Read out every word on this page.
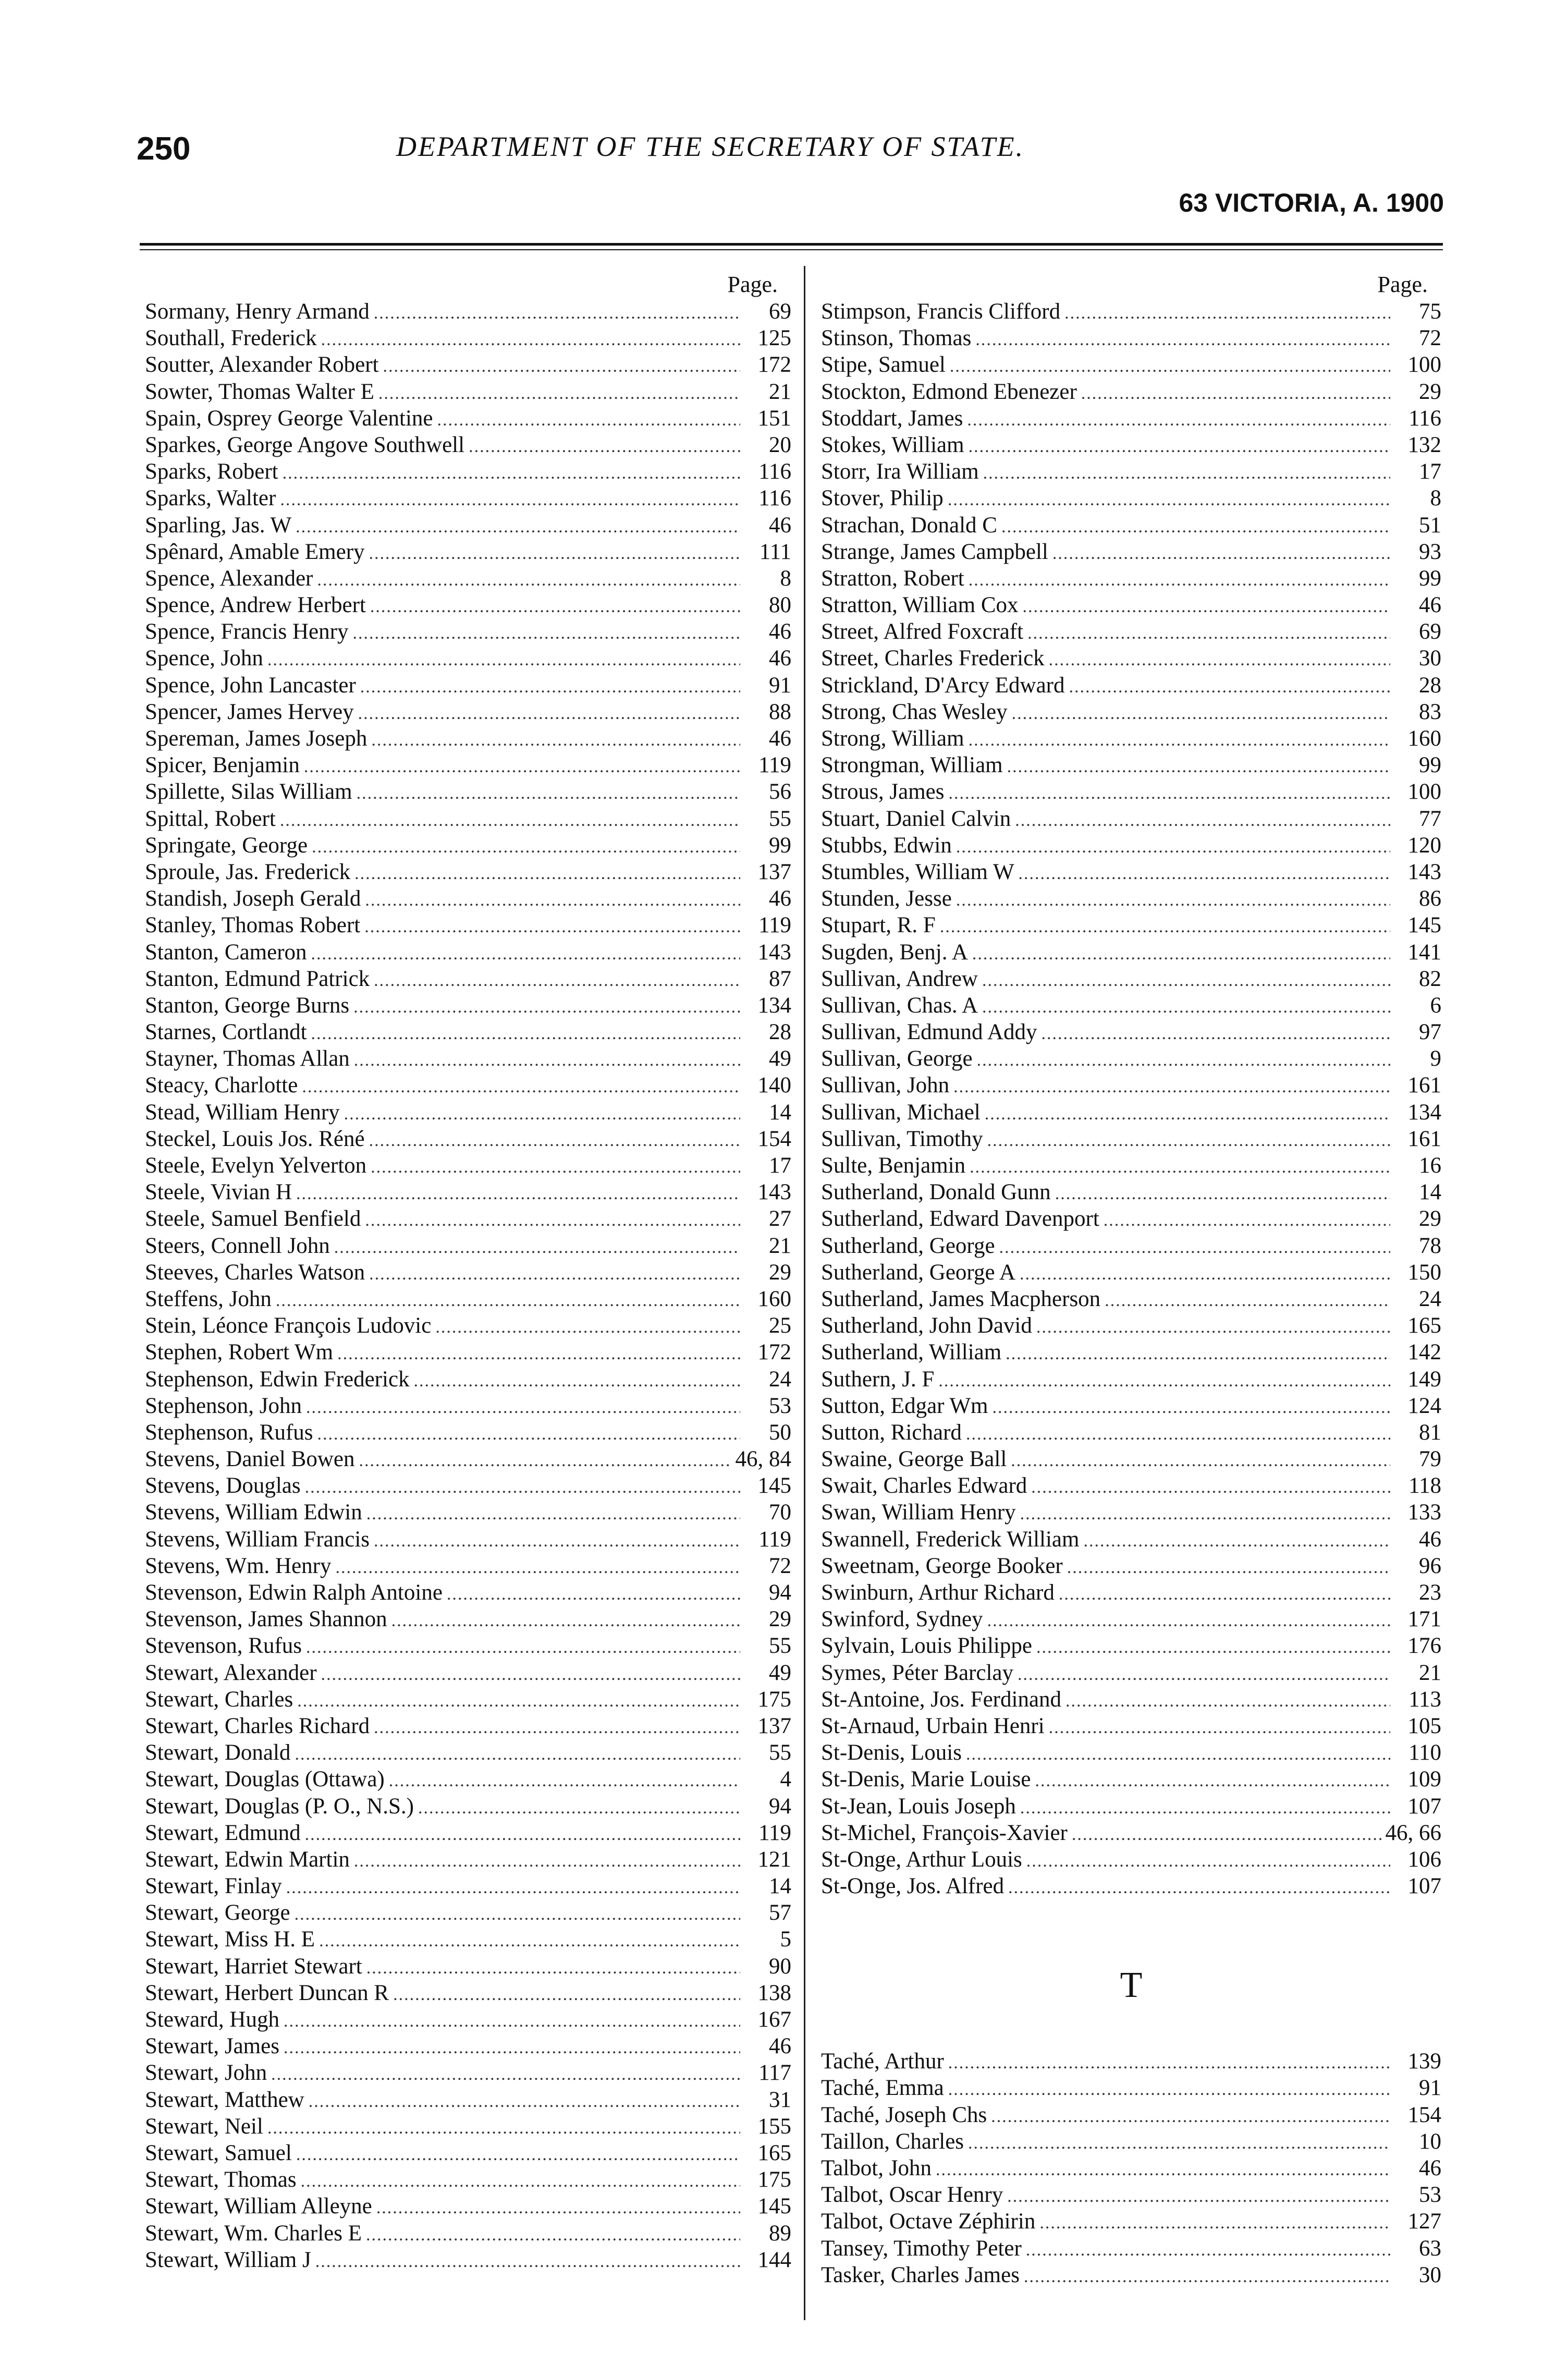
250	DEPARTMENT OF THE SECRETARY OF STATE.
63 VICTORIA, A. 1900
Page.
Sormany, Henry Armand .....	69
Southall, Frederick .....	125
Soutter, Alexander Robert .....	172
Sowter, Thomas Walter E .....	21
Spain, Osprey George Valentine .....	151
Sparkes, George Angove Southwell .....	20
Sparks, Robert .....	116
Sparks, Walter .....	116
Sparling, Jas. W .....	46
Spênard, Amable Emery .....	111
Spence, Alexander .....	8
Spence, Andrew Herbert .....	80
Spence, Francis Henry .....	46
Spence, John .....	46
Spence, John Lancaster .....	91
Spencer, James Hervey .....	88
Spereman, James Joseph .....	46
Spicer, Benjamin .....	119
Spillette, Silas William .....	56
Spittal, Robert .....	55
Springate, George .....	99
Sproule, Jas. Frederick .....	137
Standish, Joseph Gerald .....	46
Stanley, Thomas Robert .....	119
Stanton, Cameron .....	143
Stanton, Edmund Patrick .....	87
Stanton, George Burns .....	134
Starnes, Cortlandt .....	28
Stayner, Thomas Allan .....	49
Steacy, Charlotte .....	140
Stead, William Henry .....	14
Steckel, Louis Jos. Réné .....	154
Steele, Evelyn Yelverton .....	17
Steele, Vivian H .....	143
Steele, Samuel Benfield .....	27
Steers, Connell John .....	21
Steeves, Charles Watson .....	29
Steffens, John .....	160
Stein, Léonce François Ludovic .....	25
Stephen, Robert Wm .....	172
Stephenson, Edwin Frederick .....	24
Stephenson, John .....	53
Stephenson, Rufus .....	50
Stevens, Daniel Bowen .....	46, 84
Stevens, Douglas .....	145
Stevens, William Edwin .....	70
Stevens, William Francis .....	119
Stevens, Wm. Henry .....	72
Stevenson, Edwin Ralph Antoine .....	94
Stevenson, James Shannon .....	29
Stevenson, Rufus .....	55
Stewart, Alexander .....	49
Stewart, Charles .....	175
Stewart, Charles Richard .....	137
Stewart, Donald .....	55
Stewart, Douglas (Ottawa) .....	4
Stewart, Douglas (P. O., N.S.) .....	94
Stewart, Edmund .....	119
Stewart, Edwin Martin .....	121
Stewart, Finlay .....	14
Stewart, George .....	57
Stewart, Miss H. E .....	5
Stewart, Harriet Stewart .....	90
Stewart, Herbert Duncan R .....	138
Steward, Hugh .....	167
Stewart, James .....	46
Stewart, John .....	117
Stewart, Matthew .....	31
Stewart, Neil .....	155
Stewart, Samuel .....	165
Stewart, Thomas .....	175
Stewart, William Alleyne .....	145
Stewart, Wm. Charles E .....	89
Stewart, William J .....	144
Page.
Stimpson, Francis Clifford .....	75
Stinson, Thomas .....	72
Stipe, Samuel .....	100
Stockton, Edmond Ebenezer .....	29
Stoddart, James .....	116
Stokes, William .....	132
Storr, Ira William .....	17
Stover, Philip .....	8
Strachan, Donald C .....	51
Strange, James Campbell .....	93
Stratton, Robert .....	99
Stratton, William Cox .....	46
Street, Alfred Foxcraft .....	69
Street, Charles Frederick .....	30
Strickland, D'Arcy Edward .....	28
Strong, Chas Wesley .....	83
Strong, William .....	160
Strongman, William .....	99
Strous, James .....	100
Stuart, Daniel Calvin .....	77
Stubbs, Edwin .....	120
Stumbles, William W .....	143
Stunden, Jesse .....	86
Stupart, R. F .....	145
Sugden, Benj. A .....	141
Sullivan, Andrew .....	82
Sullivan, Chas. A .....	6
Sullivan, Edmund Addy .....	97
Sullivan, George .....	9
Sullivan, John .....	161
Sullivan, Michael .....	134
Sullivan, Timothy .....	161
Sulte, Benjamin .....	16
Sutherland, Donald Gunn .....	14
Sutherland, Edward Davenport .....	29
Sutherland, George .....	78
Sutherland, George A .....	150
Sutherland, James Macpherson .....	24
Sutherland, John David .....	165
Sutherland, William .....	142
Suthern, J. F .....	149
Sutton, Edgar Wm .....	124
Sutton, Richard .....	81
Swaine, George Ball .....	79
Swait, Charles Edward .....	118
Swan, William Henry .....	133
Swannell, Frederick William .....	46
Sweetnam, George Booker .....	96
Swinburn, Arthur Richard .....	23
Swinford, Sydney .....	171
Sylvain, Louis Philippe .....	176
Symes, Péter Barclay .....	21
St-Antoine, Jos. Ferdinand .....	113
St-Arnaud, Urbain Henri .....	105
St-Denis, Louis .....	110
St-Denis, Marie Louise .....	109
St-Jean, Louis Joseph .....	107
St-Michel, François-Xavier .....	46, 66
St-Onge, Arthur Louis .....	106
St-Onge, Jos. Alfred .....	107
T
Taché, Arthur .....	139
Taché, Emma .....	91
Taché, Joseph Chs .....	154
Taillon, Charles .....	10
Talbot, John .....	46
Talbot, Oscar Henry .....	53
Talbot, Octave Zéphirin .....	127
Tansey, Timothy Peter .....	63
Tasker, Charles James .....	30
